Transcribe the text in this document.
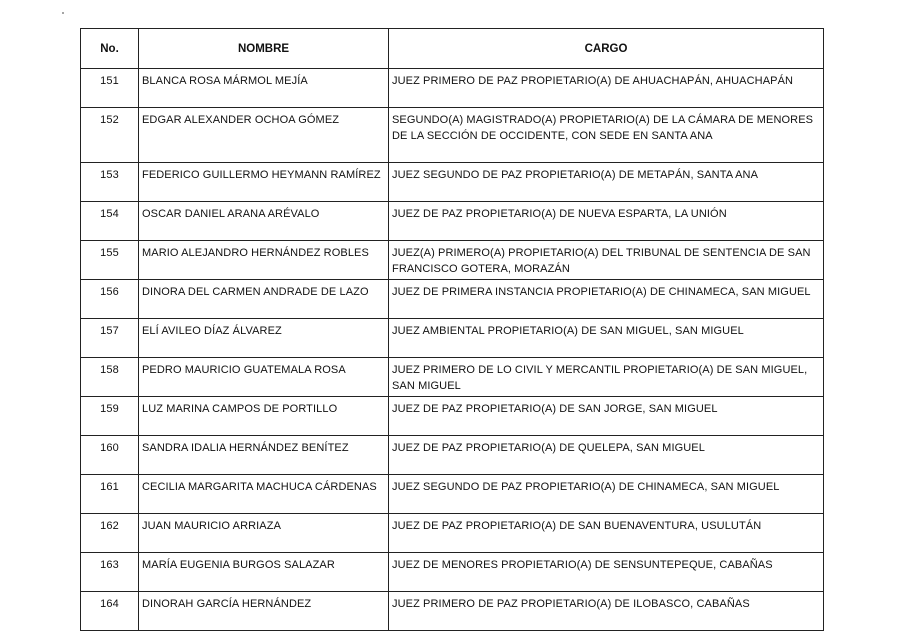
No.	NOMBRE	CARGO
151	BLANCA ROSA MÁRMOL MEJÍA	JUEZ PRIMERO DE PAZ PROPIETARIO(A) DE AHUACHAPÁN, AHUACHAPÁN
152	EDGAR ALEXANDER OCHOA GÓMEZ	SEGUNDO(A) MAGISTRADO(A) PROPIETARIO(A) DE LA CÁMARA DE MENORES DE LA SECCIÓN DE OCCIDENTE, CON SEDE EN SANTA ANA
153	FEDERICO GUILLERMO HEYMANN RAMÍREZ	JUEZ SEGUNDO DE PAZ PROPIETARIO(A) DE METAPÁN, SANTA ANA
154	OSCAR DANIEL ARANA ARÉVALO	JUEZ DE PAZ PROPIETARIO(A) DE NUEVA ESPARTA, LA UNIÓN
155	MARIO ALEJANDRO HERNÁNDEZ ROBLES	JUEZ(A) PRIMERO(A) PROPIETARIO(A) DEL TRIBUNAL DE SENTENCIA DE SAN FRANCISCO GOTERA, MORAZÁN
156	DINORA DEL CARMEN ANDRADE DE LAZO	JUEZ DE PRIMERA INSTANCIA PROPIETARIO(A) DE CHINAMECA, SAN MIGUEL
157	ELÍ AVILEO DÍAZ ÁLVAREZ	JUEZ AMBIENTAL PROPIETARIO(A) DE SAN MIGUEL, SAN MIGUEL
158	PEDRO MAURICIO GUATEMALA ROSA	JUEZ PRIMERO DE LO CIVIL Y MERCANTIL PROPIETARIO(A) DE SAN MIGUEL, SAN MIGUEL
159	LUZ MARINA CAMPOS DE PORTILLO	JUEZ DE PAZ PROPIETARIO(A) DE SAN JORGE, SAN MIGUEL
160	SANDRA IDALIA HERNÁNDEZ BENÍTEZ	JUEZ DE PAZ PROPIETARIO(A) DE QUELEPA, SAN MIGUEL
161	CECILIA MARGARITA MACHUCA CÁRDENAS	JUEZ SEGUNDO DE PAZ PROPIETARIO(A) DE CHINAMECA, SAN MIGUEL
162	JUAN MAURICIO ARRIAZA	JUEZ DE PAZ PROPIETARIO(A) DE SAN BUENAVENTURA, USULUTÁN
163	MARÍA EUGENIA BURGOS SALAZAR	JUEZ DE MENORES PROPIETARIO(A) DE SENSUNTEPEQUE, CABAÑAS
164	DINORAH GARCÍA HERNÁNDEZ	JUEZ PRIMERO DE PAZ PROPIETARIO(A) DE ILOBASCO, CABAÑAS
